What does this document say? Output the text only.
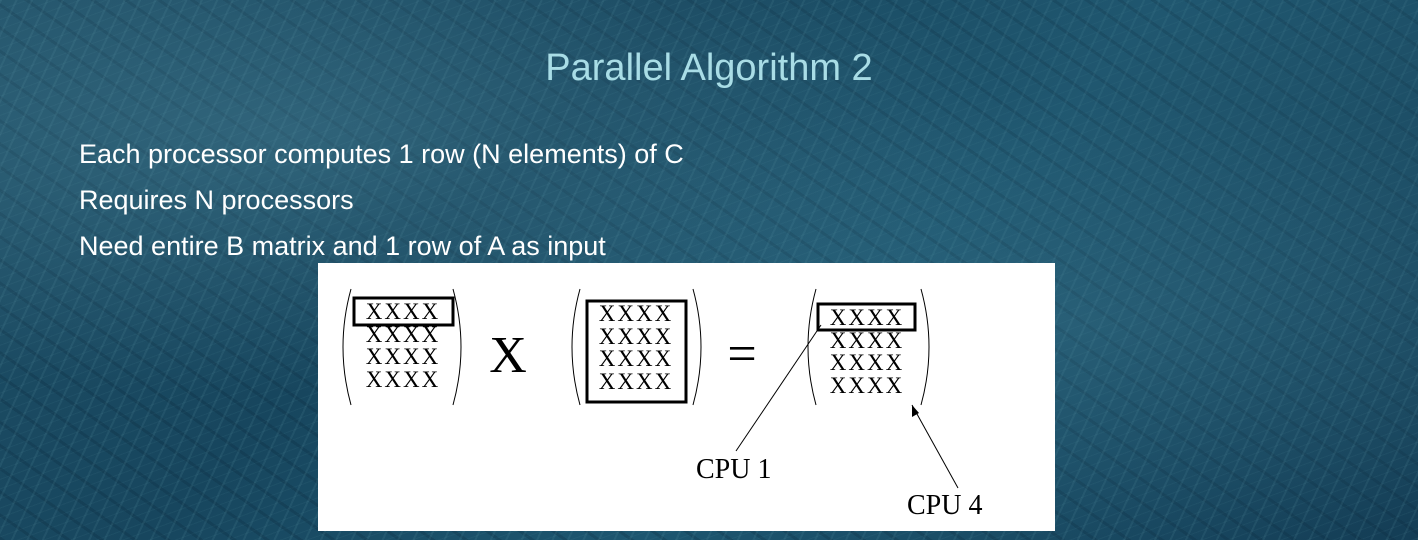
Parallel Algorithm 2
Each processor computes 1 row (N elements) of C
Requires N processors
Need entire B matrix and 1 row of A as input
XXXX
XXXX
XXXX
XXXX X
XXXX
XXXX
XXXX
XXXX =
XXXX
XXXX
XXXX
XXXX
CPU 1
CPU 4
